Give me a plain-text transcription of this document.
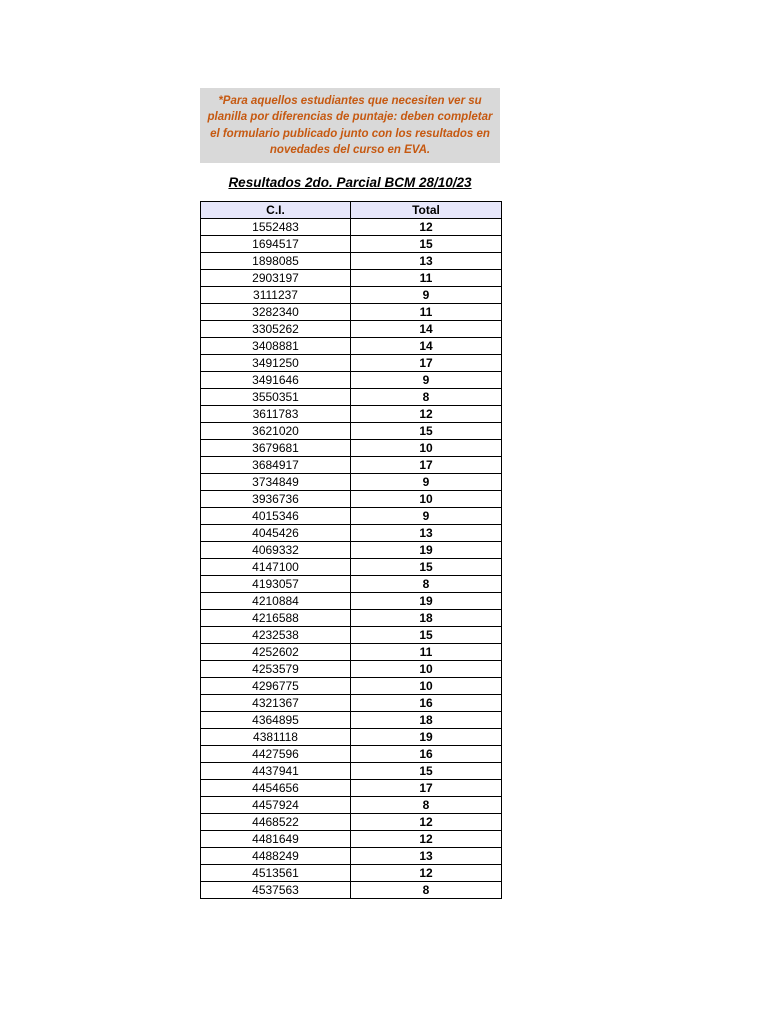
*Para aquellos estudiantes que necesiten ver su planilla por diferencias de puntaje: deben completar el formulario publicado junto con los resultados en novedades del curso en EVA.
Resultados 2do. Parcial BCM 28/10/23
C.I.	Total
1552483	12
1694517	15
1898085	13
2903197	11
3111237	9
3282340	11
3305262	14
3408881	14
3491250	17
3491646	9
3550351	8
3611783	12
3621020	15
3679681	10
3684917	17
3734849	9
3936736	10
4015346	9
4045426	13
4069332	19
4147100	15
4193057	8
4210884	19
4216588	18
4232538	15
4252602	11
4253579	10
4296775	10
4321367	16
4364895	18
4381118	19
4427596	16
4437941	15
4454656	17
4457924	8
4468522	12
4481649	12
4488249	13
4513561	12
4537563	8
